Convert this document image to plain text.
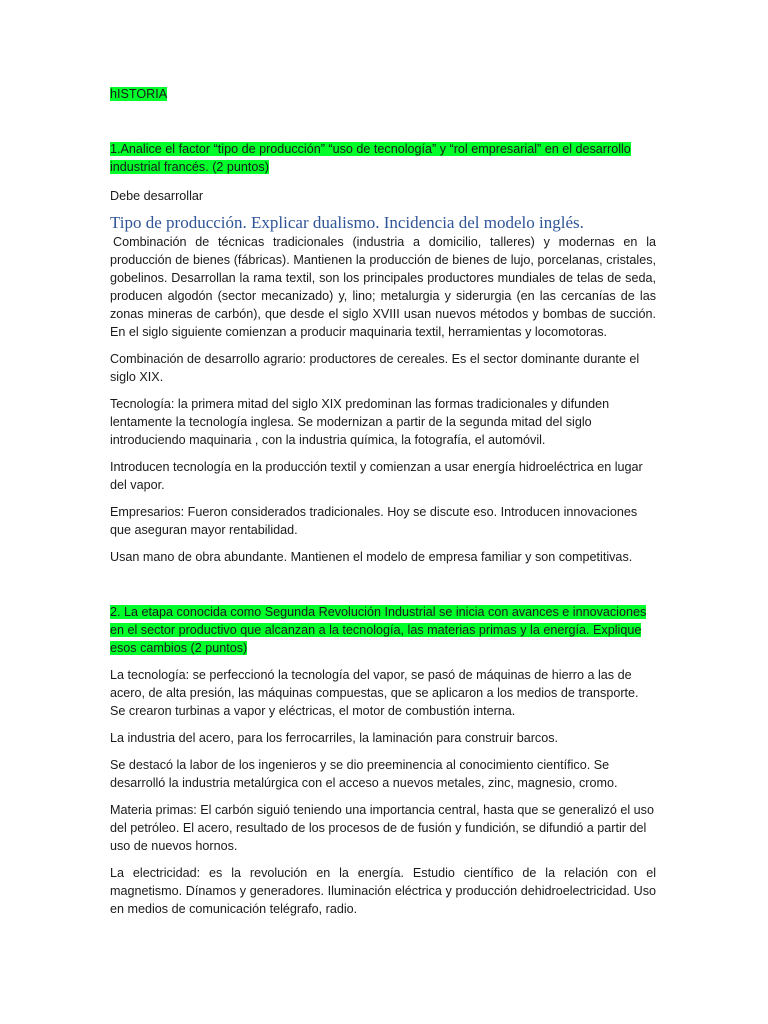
hISTORIA

1.Analice el factor “tipo de producción” “uso de tecnología” y “rol empresarial” en el desarrollo industrial francés. (2 puntos)

Debe desarrollar

Tipo de producción. Explicar dualismo. Incidencia del modelo inglés.

Combinación de técnicas tradicionales (industria a domicilio, talleres) y modernas en la producción de bienes (fábricas). Mantienen la producción de bienes de lujo, porcelanas, cristales, gobelinos. Desarrollan la rama textil, son los principales productores mundiales de telas de seda, producen algodón (sector mecanizado) y, lino; metalurgia y siderurgia (en las cercanías de las zonas mineras de carbón), que desde el siglo XVIII usan nuevos métodos y bombas de succión. En el siglo siguiente comienzan a producir maquinaria textil, herramientas y locomotoras.

Combinación de desarrollo agrario: productores de cereales. Es el sector dominante durante el siglo XIX.

Tecnología: la primera mitad del siglo XIX predominan las formas tradicionales y difunden lentamente la tecnología inglesa. Se modernizan a partir de la segunda mitad del siglo introduciendo maquinaria , con la industria química, la fotografía, el automóvil.

Introducen tecnología en la producción textil y comienzan a usar energía hidroeléctrica en lugar del vapor.

Empresarios: Fueron considerados tradicionales. Hoy se discute eso. Introducen innovaciones que aseguran mayor rentabilidad.

Usan mano de obra abundante. Mantienen el modelo de empresa familiar y son competitivas.

2. La etapa conocida como Segunda Revolución Industrial se inicia con avances e innovaciones en el sector productivo que alcanzan a la tecnología, las materias primas y la energía. Explique esos cambios (2 puntos)

La tecnología: se perfeccionó la tecnología del vapor, se pasó de máquinas de hierro a las de acero, de alta presión, las máquinas compuestas, que se aplicaron a los medios de transporte. Se crearon turbinas a vapor y eléctricas, el motor de combustión interna.

La industria del acero, para los ferrocarriles, la laminación para construir barcos.

Se destacó la labor de los ingenieros y se dio preeminencia al conocimiento científico. Se desarrolló la industria metalúrgica con el acceso a nuevos metales, zinc, magnesio, cromo.

Materia primas: El carbón siguió teniendo una importancia central, hasta que se generalizó el uso del petróleo. El acero, resultado de los procesos de de fusión y fundición, se difundió a partir del uso de nuevos hornos.

La electricidad: es la revolución en la energía. Estudio científico de la relación con el magnetismo. Dínamos y generadores. Iluminación eléctrica y producción dehidroelectricidad. Uso en medios de comunicación telégrafo, radio.
